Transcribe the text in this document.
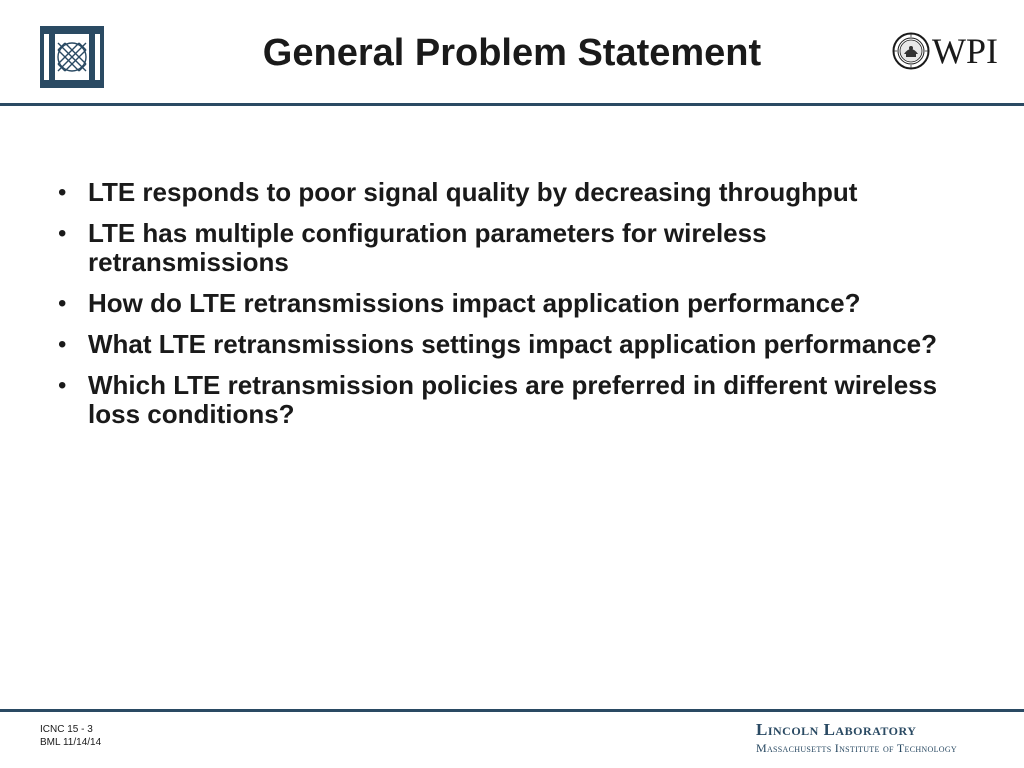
General Problem Statement	WPI
• LTE responds to poor signal quality by decreasing throughput
• LTE has multiple configuration parameters for wireless retransmissions
• How do LTE retransmissions impact application performance?
• What LTE retransmissions settings impact application performance?
• Which LTE retransmission policies are preferred in different wireless loss conditions?
ICNC 15 - 3
BML 11/14/14
Lincoln Laboratory
Massachusetts Institute of Technology
